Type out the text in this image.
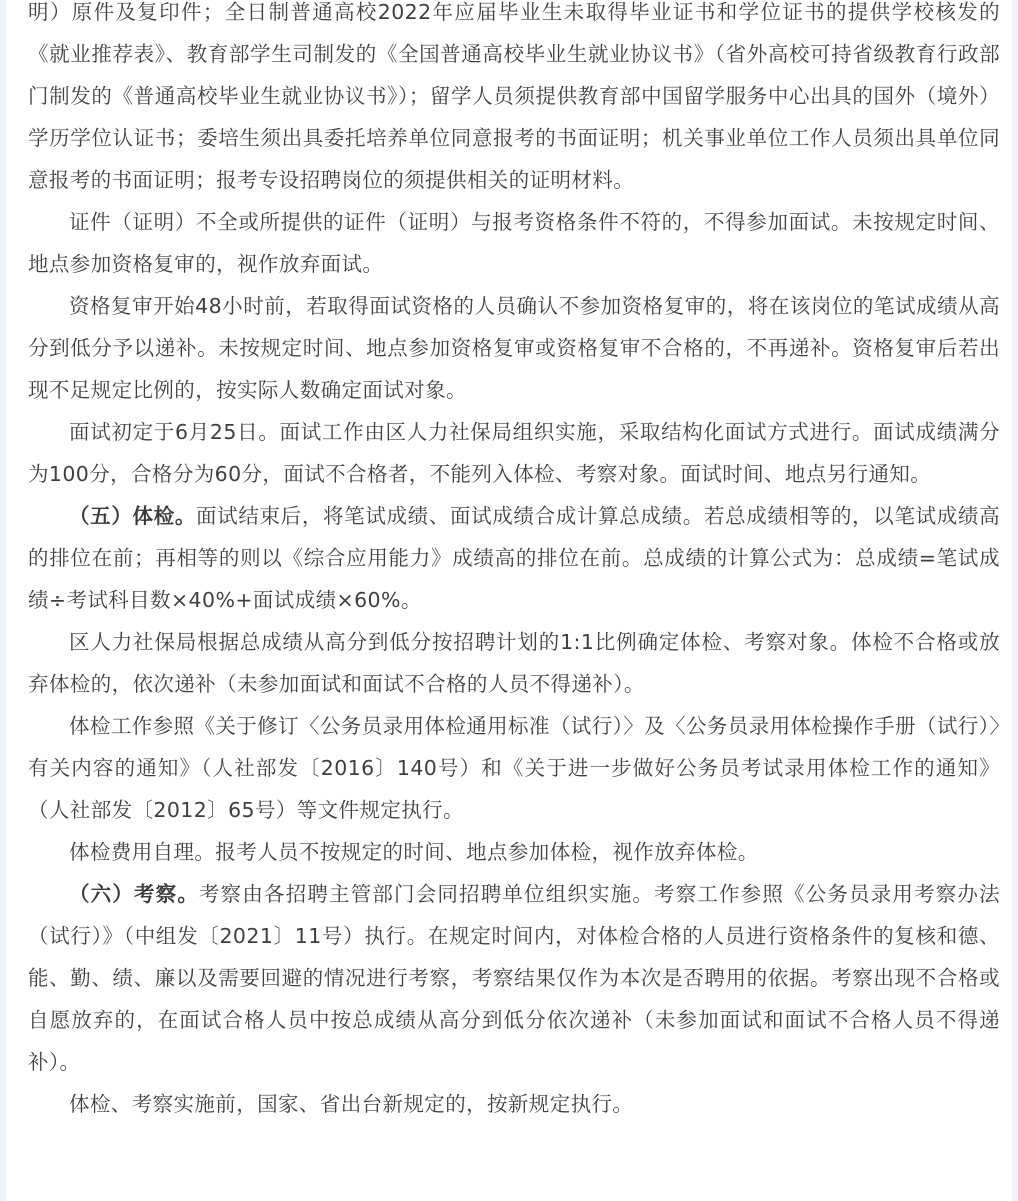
明）原件及复印件；全日制普通高校2022年应届毕业生未取得毕业证书和学位证书的提供学校核发的《就业推荐表》、教育部学生司制发的《全国普通高校毕业生就业协议书》（省外高校可持省级教育行政部门制发的《普通高校毕业生就业协议书》）；留学人员须提供教育部中国留学服务中心出具的国外（境外）学历学位认证书；委培生须出具委托培养单位同意报考的书面证明；机关事业单位工作人员须出具单位同意报考的书面证明；报考专设招聘岗位的须提供相关的证明材料。

证件（证明）不全或所提供的证件（证明）与报考资格条件不符的，不得参加面试。未按规定时间、地点参加资格复审的，视作放弃面试。

资格复审开始48小时前，若取得面试资格的人员确认不参加资格复审的，将在该岗位的笔试成绩从高分到低分予以递补。未按规定时间、地点参加资格复审或资格复审不合格的，不再递补。资格复审后若出现不足规定比例的，按实际人数确定面试对象。

面试初定于6月25日。面试工作由区人力社保局组织实施，采取结构化面试方式进行。面试成绩满分为100分，合格分为60分，面试不合格者，不能列入体检、考察对象。面试时间、地点另行通知。

（五）体检。面试结束后，将笔试成绩、面试成绩合成计算总成绩。若总成绩相等的，以笔试成绩高的排位在前；再相等的则以《综合应用能力》成绩高的排位在前。总成绩的计算公式为：总成绩=笔试成绩÷考试科目数×40%+面试成绩×60%。

区人力社保局根据总成绩从高分到低分按招聘计划的1:1比例确定体检、考察对象。体检不合格或放弃体检的，依次递补（未参加面试和面试不合格的人员不得递补）。

体检工作参照《关于修订〈公务员录用体检通用标准（试行）〉及〈公务员录用体检操作手册（试行）〉有关内容的通知》（人社部发〔2016〕140号）和《关于进一步做好公务员考试录用体检工作的通知》（人社部发〔2012〕65号）等文件规定执行。

体检费用自理。报考人员不按规定的时间、地点参加体检，视作放弃体检。

（六）考察。考察由各招聘主管部门会同招聘单位组织实施。考察工作参照《公务员录用考察办法（试行）》（中组发〔2021〕11号）执行。在规定时间内，对体检合格的人员进行资格条件的复核和德、能、勤、绩、廉以及需要回避的情况进行考察，考察结果仅作为本次是否聘用的依据。考察出现不合格或自愿放弃的，在面试合格人员中按总成绩从高分到低分依次递补（未参加面试和面试不合格人员不得递补）。

体检、考察实施前，国家、省出台新规定的，按新规定执行。
